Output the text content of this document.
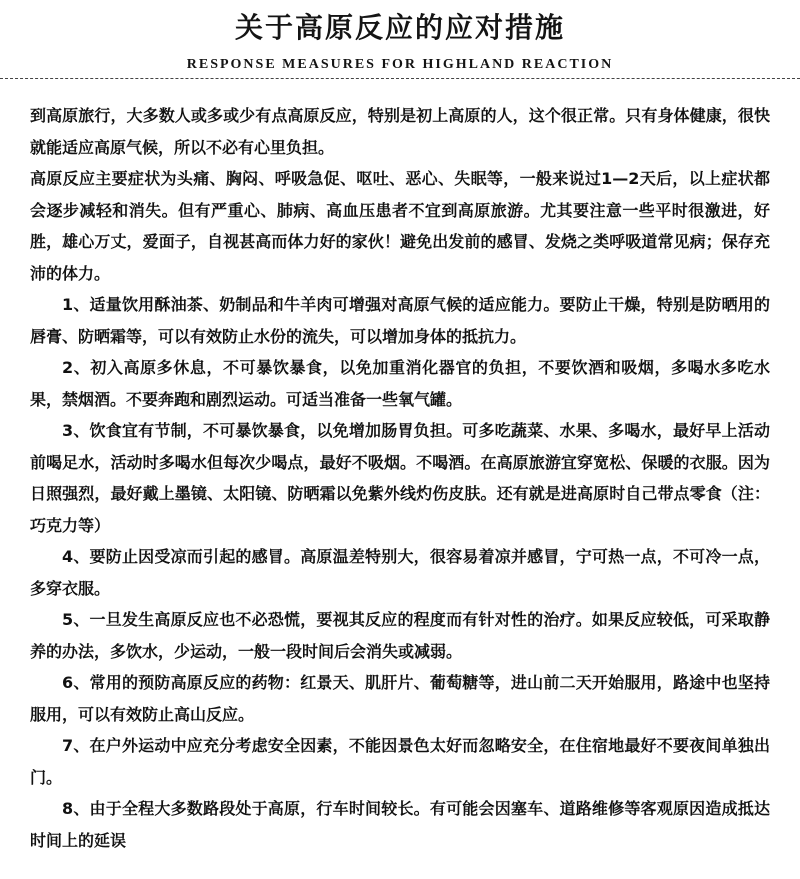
关于高原反应的应对措施
RESPONSE MEASURES FOR HIGHLAND REACTION

到高原旅行，大多数人或多或少有点高原反应，特别是初上高原的人，这个很正常。只有身体健康，很快就能适应高原气候，所以不必有心里负担。

高原反应主要症状为头痛、胸闷、呼吸急促、呕吐、恶心、失眠等，一般来说过1—2天后，以上症状都会逐步减轻和消失。但有严重心、肺病、高血压患者不宜到高原旅游。尤其要注意一些平时很激进，好胜，雄心万丈，爱面子，自视甚高而体力好的家伙！避免出发前的感冒、发烧之类呼吸道常见病；保存充沛的体力。

1、适量饮用酥油茶、奶制品和牛羊肉可增强对高原气候的适应能力。要防止干燥，特别是防晒用的唇膏、防晒霜等，可以有效防止水份的流失，可以增加身体的抵抗力。

2、初入高原多休息，不可暴饮暴食，以免加重消化器官的负担，不要饮酒和吸烟，多喝水多吃水果，禁烟酒。不要奔跑和剧烈运动。可适当准备一些氧气罐。

3、饮食宜有节制，不可暴饮暴食，以免增加肠胃负担。可多吃蔬菜、水果、多喝水，最好早上活动前喝足水，活动时多喝水但每次少喝点，最好不吸烟。不喝酒。在高原旅游宜穿宽松、保暖的衣服。因为日照强烈，最好戴上墨镜、太阳镜、防晒霜以免紫外线灼伤皮肤。还有就是进高原时自己带点零食（注：巧克力等）

4、要防止因受凉而引起的感冒。高原温差特别大，很容易着凉并感冒，宁可热一点，不可冷一点，多穿衣服。

5、一旦发生高原反应也不必恐慌，要视其反应的程度而有针对性的治疗。如果反应较低，可采取静养的办法，多饮水，少运动，一般一段时间后会消失或减弱。

6、常用的预防高原反应的药物：红景天、肌肝片、葡萄糖等，进山前二天开始服用，路途中也坚持服用，可以有效防止高山反应。

7、在户外运动中应充分考虑安全因素，不能因景色太好而忽略安全，在住宿地最好不要夜间单独出门。

8、由于全程大多数路段处于高原，行车时间较长。有可能会因塞车、道路维修等客观原因造成抵达时间上的延误
